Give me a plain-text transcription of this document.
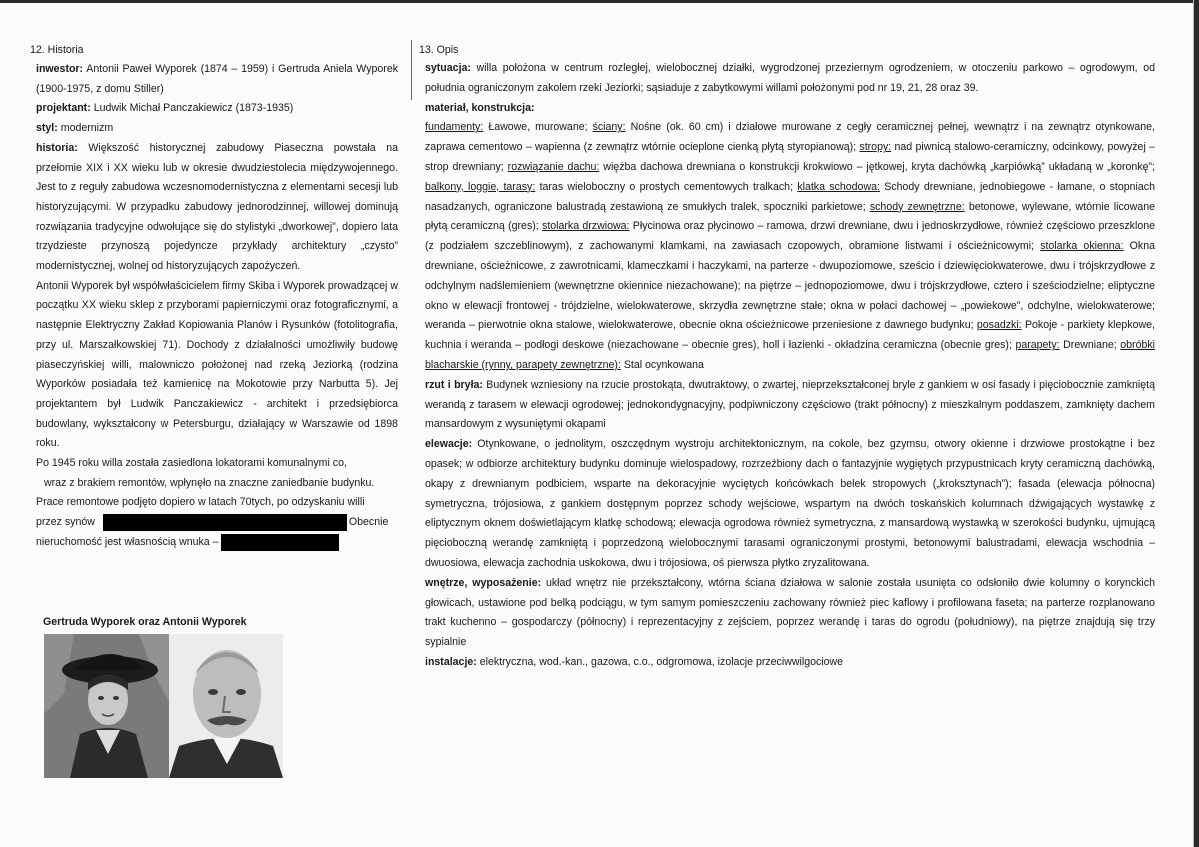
12. Historia

inwestor: Antonii Paweł Wyporek (1874 – 1959) i Gertruda Aniela Wyporek (1900-1975, z domu Stiller)

projektant: Ludwik Michał Panczakiewicz (1873-1935)

styl: modernizm

historia: Większość historycznej zabudowy Piaseczna powstała na przełomie XIX i XX wieku lub w okresie dwudziestolecia międzywojennego. Jest to z reguły zabudowa wczesnomodernistyczna z elementami secesji lub historyzującymi. W przypadku zabudowy jednorodzinnej, willowej dominują rozwiązania tradycyjne odwołujące się do stylistyki „dworkowej”, dopiero lata trzydzieste przynoszą pojedyncze przykłady architektury „czysto” modernistycznej, wolnej od historyzujących zapożyczeń.

Antonii Wyporek był współwłaścicielem firmy Skiba i Wyporek prowadzącej w początku XX wieku sklep z przyborami papierniczymi oraz fotograficznymi, a następnie Elektryczny Zakład Kopiowania Planów i Rysunków (fotolitografia, przy ul. Marszałkowskiej 71). Dochody z działalności umożliwiły budowę piaseczyńskiej willi, malowniczo położonej nad rzeką Jeziorką (rodzina Wyporków posiadała też kamienicę na Mokotowie przy Narbutta 5). Jej projektantem był Ludwik Panczakiewicz - architekt i przedsiębiorca budowlany, wykształcony w Petersburgu, działający w Warszawie od 1898 roku.

Po 1945 roku willa została zasiedlona lokatorami komunalnymi co,

wraz z brakiem remontów, wpłynęło na znaczne zaniedbanie budynku.

Prace remontowe podjęto dopiero w latach 70tych, po odzyskaniu willi

przez synów	Obecnie

nieruchomość jest własnością wnuka –

Gertruda Wyporek oraz Antonii Wyporek
13. Opis

sytuacja: willa położona w centrum rozległej, wielobocznej działki, wygrodzonej przeziernym ogrodzeniem, w otoczeniu parkowo – ogrodowym, od południa ograniczonym zakolem rzeki Jeziorki; sąsiaduje z zabytkowymi willami położonymi pod nr 19, 21, 28 oraz 39.

materiał, konstrukcja:

fundamenty: Ławowe, murowane; ściany: Nośne (ok. 60 cm) i działowe murowane z cegły ceramicznej pełnej, wewnątrz i na zewnątrz otynkowane, zaprawa cementowo – wapienna (z zewnątrz wtórnie ocieplone cienką płytą styropianową); stropy: nad piwnicą stalowo-ceramiczny, odcinkowy, powyżej – strop drewniany; rozwiązanie dachu: więźba dachowa drewniana o konstrukcji krokwiowo – jętkowej, kryta dachówką „karpiówką” układaną w „koronkę”; balkony, loggie, tarasy: taras wieloboczny o prostych cementowych tralkach; klatka schodowa: Schody drewniane, jednobiegowe - łamane, o stopniach nasadzanych, ograniczone balustradą zestawioną ze smukłych tralek, spoczniki parkietowe; schody zewnętrzne: betonowe, wylewane, wtórnie licowane płytą ceramiczną (gres); stolarka drzwiowa: Płycinowa oraz płycinowo – ramowa, drzwi drewniane, dwu i jednoskrzydłowe, również częściowo przeszklone (z podziałem szczeblinowym), z zachowanymi klamkami, na zawiasach czopowych, obramione listwami i ościeżnicowymi; stolarka okienna: Okna drewniane, ościeżnicowe, z zawrotnicami, klameczkami i haczykami, na parterze - dwupoziomowe, sześcio i dziewięciokwaterowe, dwu i trójskrzydłowe z odchylnym nadślemieniem (wewnętrzne okiennice niezachowane); na piętrze – jednopoziomowe, dwu i trójskrzydłowe, cztero i sześciodzielne; eliptyczne okno w elewacji frontowej - trójdzielne, wielokwaterowe, skrzydła zewnętrzne stałe; okna w połaci dachowej – „powiekowe”, odchylne, wielokwaterowe; weranda – pierwotnie okna stalowe, wielokwaterowe, obecnie okna ościeżnicowe przeniesione z dawnego budynku; posadzki: Pokoje - parkiety klepkowe, kuchnia i weranda – podłogi deskowe (niezachowane – obecnie gres), holl i łazienki - okładzina ceramiczna (obecnie gres); parapety: Drewniane; obróbki blacharskie (rynny, parapety zewnętrzne): Stal ocynkowana

rzut i bryła: Budynek wzniesiony na rzucie prostokąta, dwutraktowy, o zwartej, nieprzekształconej bryle z gankiem w osi fasady i pięciobocznie zamkniętą werandą z tarasem w elewacji ogrodowej; jednokondygnacyjny, podpiwniczony częściowo (trakt północny) z mieszkalnym poddaszem, zamknięty dachem mansardowym z wysuniętymi okapami

elewacje: Otynkowane, o jednolitym, oszczędnym wystroju architektonicznym, na cokole, bez gzymsu, otwory okienne i drzwiowe prostokątne i bez opasek; w odbiorze architektury budynku dominuje wielospadowy, rozrzeźbiony dach o fantazyjnie wygiętych przypustnicach kryty ceramiczną dachówką, okapy z drewnianym podbiciem, wsparte na dekoracyjnie wyciętych końcówkach belek stropowych („kroksztynach”); fasada (elewacja północna) symetryczna, trójosiowa, z gankiem dostępnym poprzez schody wejściowe, wspartym na dwóch toskańskich kolumnach dźwigających wystawkę z eliptycznym oknem doświetlającym klatkę schodową; elewacja ogrodowa również symetryczna, z mansardową wystawką w szerokości budynku, ujmującą pięcioboczną werandę zamkniętą i poprzedzoną wielobocznymi tarasami ograniczonymi prostymi, betonowymi balustradami, elewacja wschodnia – dwuosiowa, elewacja zachodnia uskokowa, dwu i trójosiowa, oś pierwsza płytko zryzalitowana.

wnętrze, wyposażenie: układ wnętrz nie przekształcony, wtórna ściana działowa w salonie została usunięta co odsłoniło dwie kolumny o korynckich głowicach, ustawione pod belką podciągu, w tym samym pomieszczeniu zachowany również piec kaflowy i profilowana faseta; na parterze rozplanowano trakt kuchenno – gospodarczy (północny) i reprezentacyjny z zejściem, poprzez werandę i taras do ogrodu (południowy), na piętrze znajdują się trzy sypialnie

instalacje: elektryczna, wod.-kan., gazowa, c.o., odgromowa, izolacje przeciwwilgociowe
